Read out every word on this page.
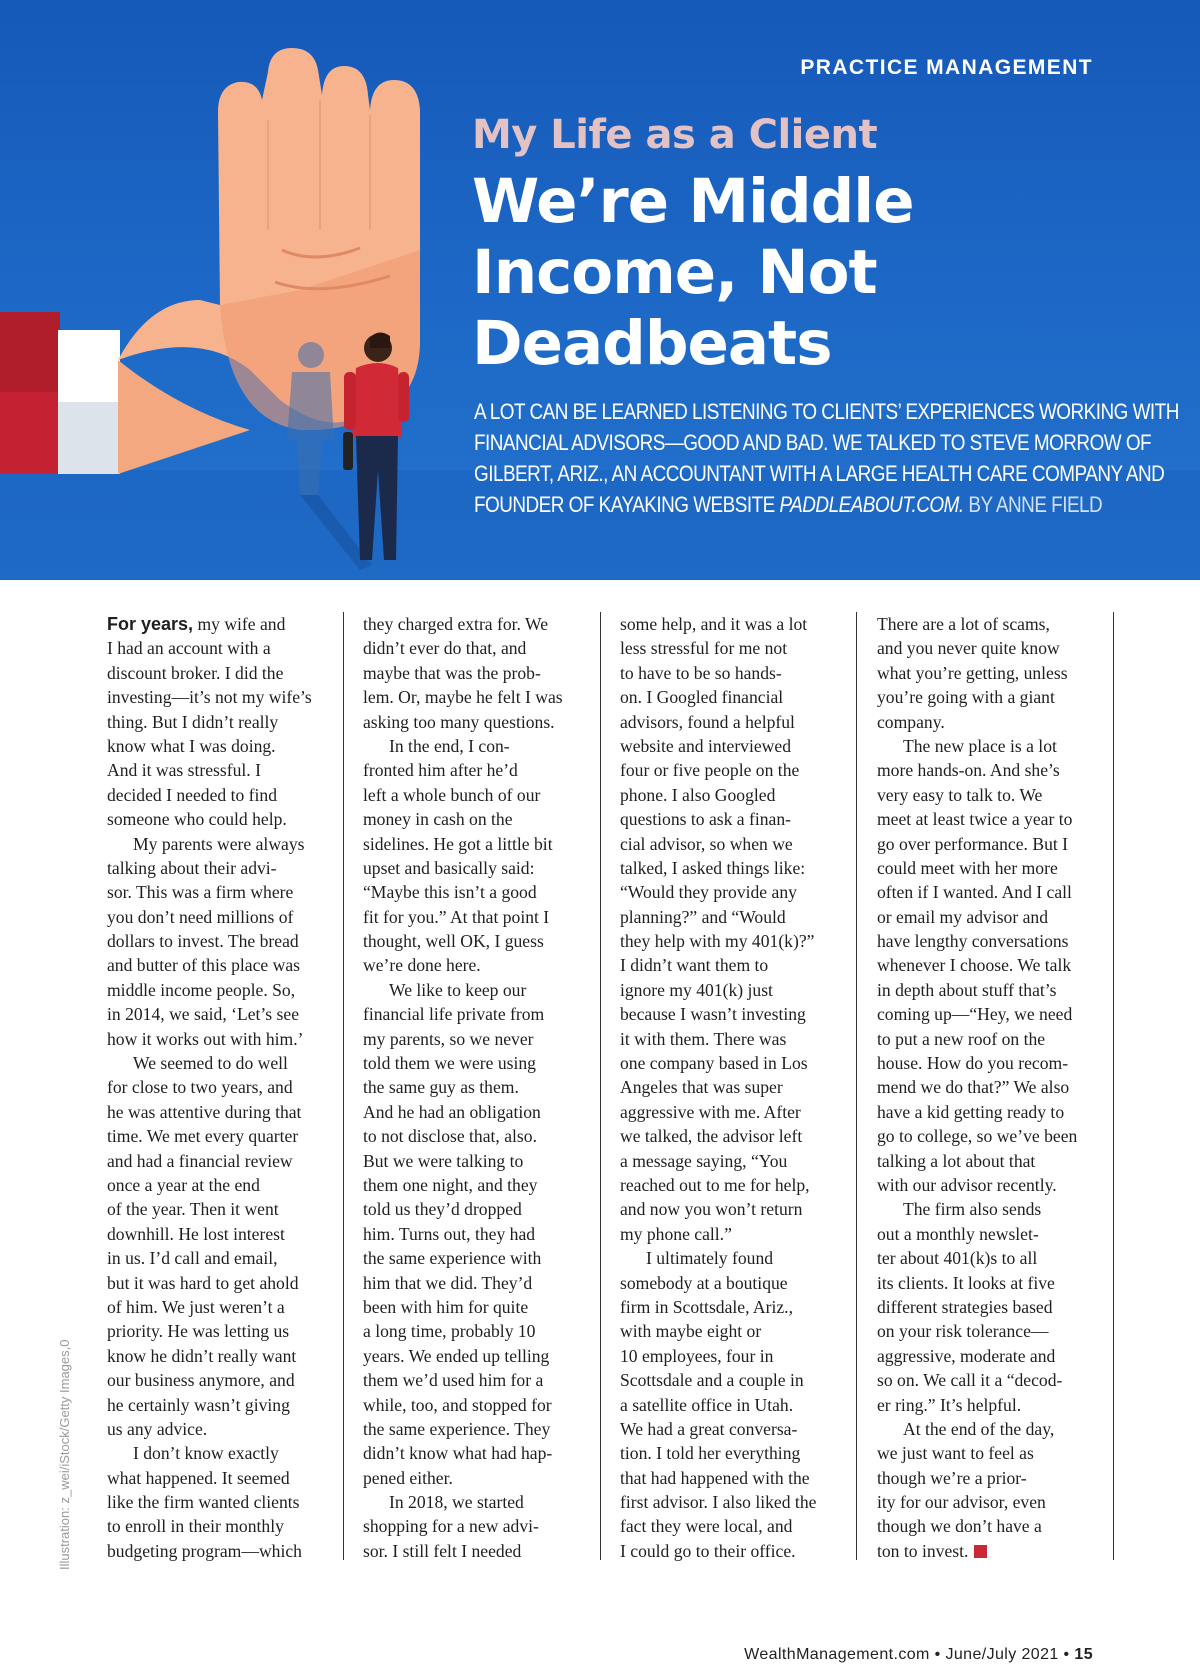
PRACTICE MANAGEMENT
My Life as a Client
We’re Middle
Income, Not
Deadbeats
A LOT CAN BE LEARNED LISTENING TO CLIENTS’ EXPERIENCES WORKING WITH
FINANCIAL ADVISORS—GOOD AND BAD. WE TALKED TO STEVE MORROW OF
GILBERT, ARIZ., AN ACCOUNTANT WITH A LARGE HEALTH CARE COMPANY AND
FOUNDER OF KAYAKING WEBSITE PADDLEABOUT.COM. BY ANNE FIELD
For years, my wife and
I had an account with a
discount broker. I did the
investing—it’s not my wife’s
thing. But I didn’t really
know what I was doing.
And it was stressful. I
decided I needed to find
someone who could help.
My parents were always
talking about their advi-
sor. This was a firm where
you don’t need millions of
dollars to invest. The bread
and butter of this place was
middle income people. So,
in 2014, we said, ‘Let’s see
how it works out with him.’
We seemed to do well
for close to two years, and
he was attentive during that
time. We met every quarter
and had a financial review
once a year at the end
of the year. Then it went
downhill. He lost interest
in us. I’d call and email,
but it was hard to get ahold
of him. We just weren’t a
priority. He was letting us
know he didn’t really want
our business anymore, and
he certainly wasn’t giving
us any advice.
I don’t know exactly
what happened. It seemed
like the firm wanted clients
to enroll in their monthly
budgeting program—which
they charged extra for. We
didn’t ever do that, and
maybe that was the prob-
lem. Or, maybe he felt I was
asking too many questions.
In the end, I con-
fronted him after he’d
left a whole bunch of our
money in cash on the
sidelines. He got a little bit
upset and basically said:
“Maybe this isn’t a good
fit for you.” At that point I
thought, well OK, I guess
we’re done here.
We like to keep our
financial life private from
my parents, so we never
told them we were using
the same guy as them.
And he had an obligation
to not disclose that, also.
But we were talking to
them one night, and they
told us they’d dropped
him. Turns out, they had
the same experience with
him that we did. They’d
been with him for quite
a long time, probably 10
years. We ended up telling
them we’d used him for a
while, too, and stopped for
the same experience. They
didn’t know what had hap-
pened either.
In 2018, we started
shopping for a new advi-
sor. I still felt I needed
some help, and it was a lot
less stressful for me not
to have to be so hands-
on. I Googled financial
advisors, found a helpful
website and interviewed
four or five people on the
phone. I also Googled
questions to ask a finan-
cial advisor, so when we
talked, I asked things like:
“Would they provide any
planning?” and “Would
they help with my 401(k)?”
I didn’t want them to
ignore my 401(k) just
because I wasn’t investing
it with them. There was
one company based in Los
Angeles that was super
aggressive with me. After
we talked, the advisor left
a message saying, “You
reached out to me for help,
and now you won’t return
my phone call.”
I ultimately found
somebody at a boutique
firm in Scottsdale, Ariz.,
with maybe eight or
10 employees, four in
Scottsdale and a couple in
a satellite office in Utah.
We had a great conversa-
tion. I told her everything
that had happened with the
first advisor. I also liked the
fact they were local, and
I could go to their office.
There are a lot of scams,
and you never quite know
what you’re getting, unless
you’re going with a giant
company.
The new place is a lot
more hands-on. And she’s
very easy to talk to. We
meet at least twice a year to
go over performance. But I
could meet with her more
often if I wanted. And I call
or email my advisor and
have lengthy conversations
whenever I choose. We talk
in depth about stuff that’s
coming up—“Hey, we need
to put a new roof on the
house. How do you recom-
mend we do that?” We also
have a kid getting ready to
go to college, so we’ve been
talking a lot about that
with our advisor recently.
The firm also sends
out a monthly newslet-
ter about 401(k)s to all
its clients. It looks at five
different strategies based
on your risk tolerance—
aggressive, moderate and
so on. We call it a “decod-
er ring.” It’s helpful.
At the end of the day,
we just want to feel as
though we’re a prior-
ity for our advisor, even
though we don’t have a
ton to invest.
Illustration: z_wei/iStock/Getty Images,0
WealthManagement.com • June/July 2021 • 15
